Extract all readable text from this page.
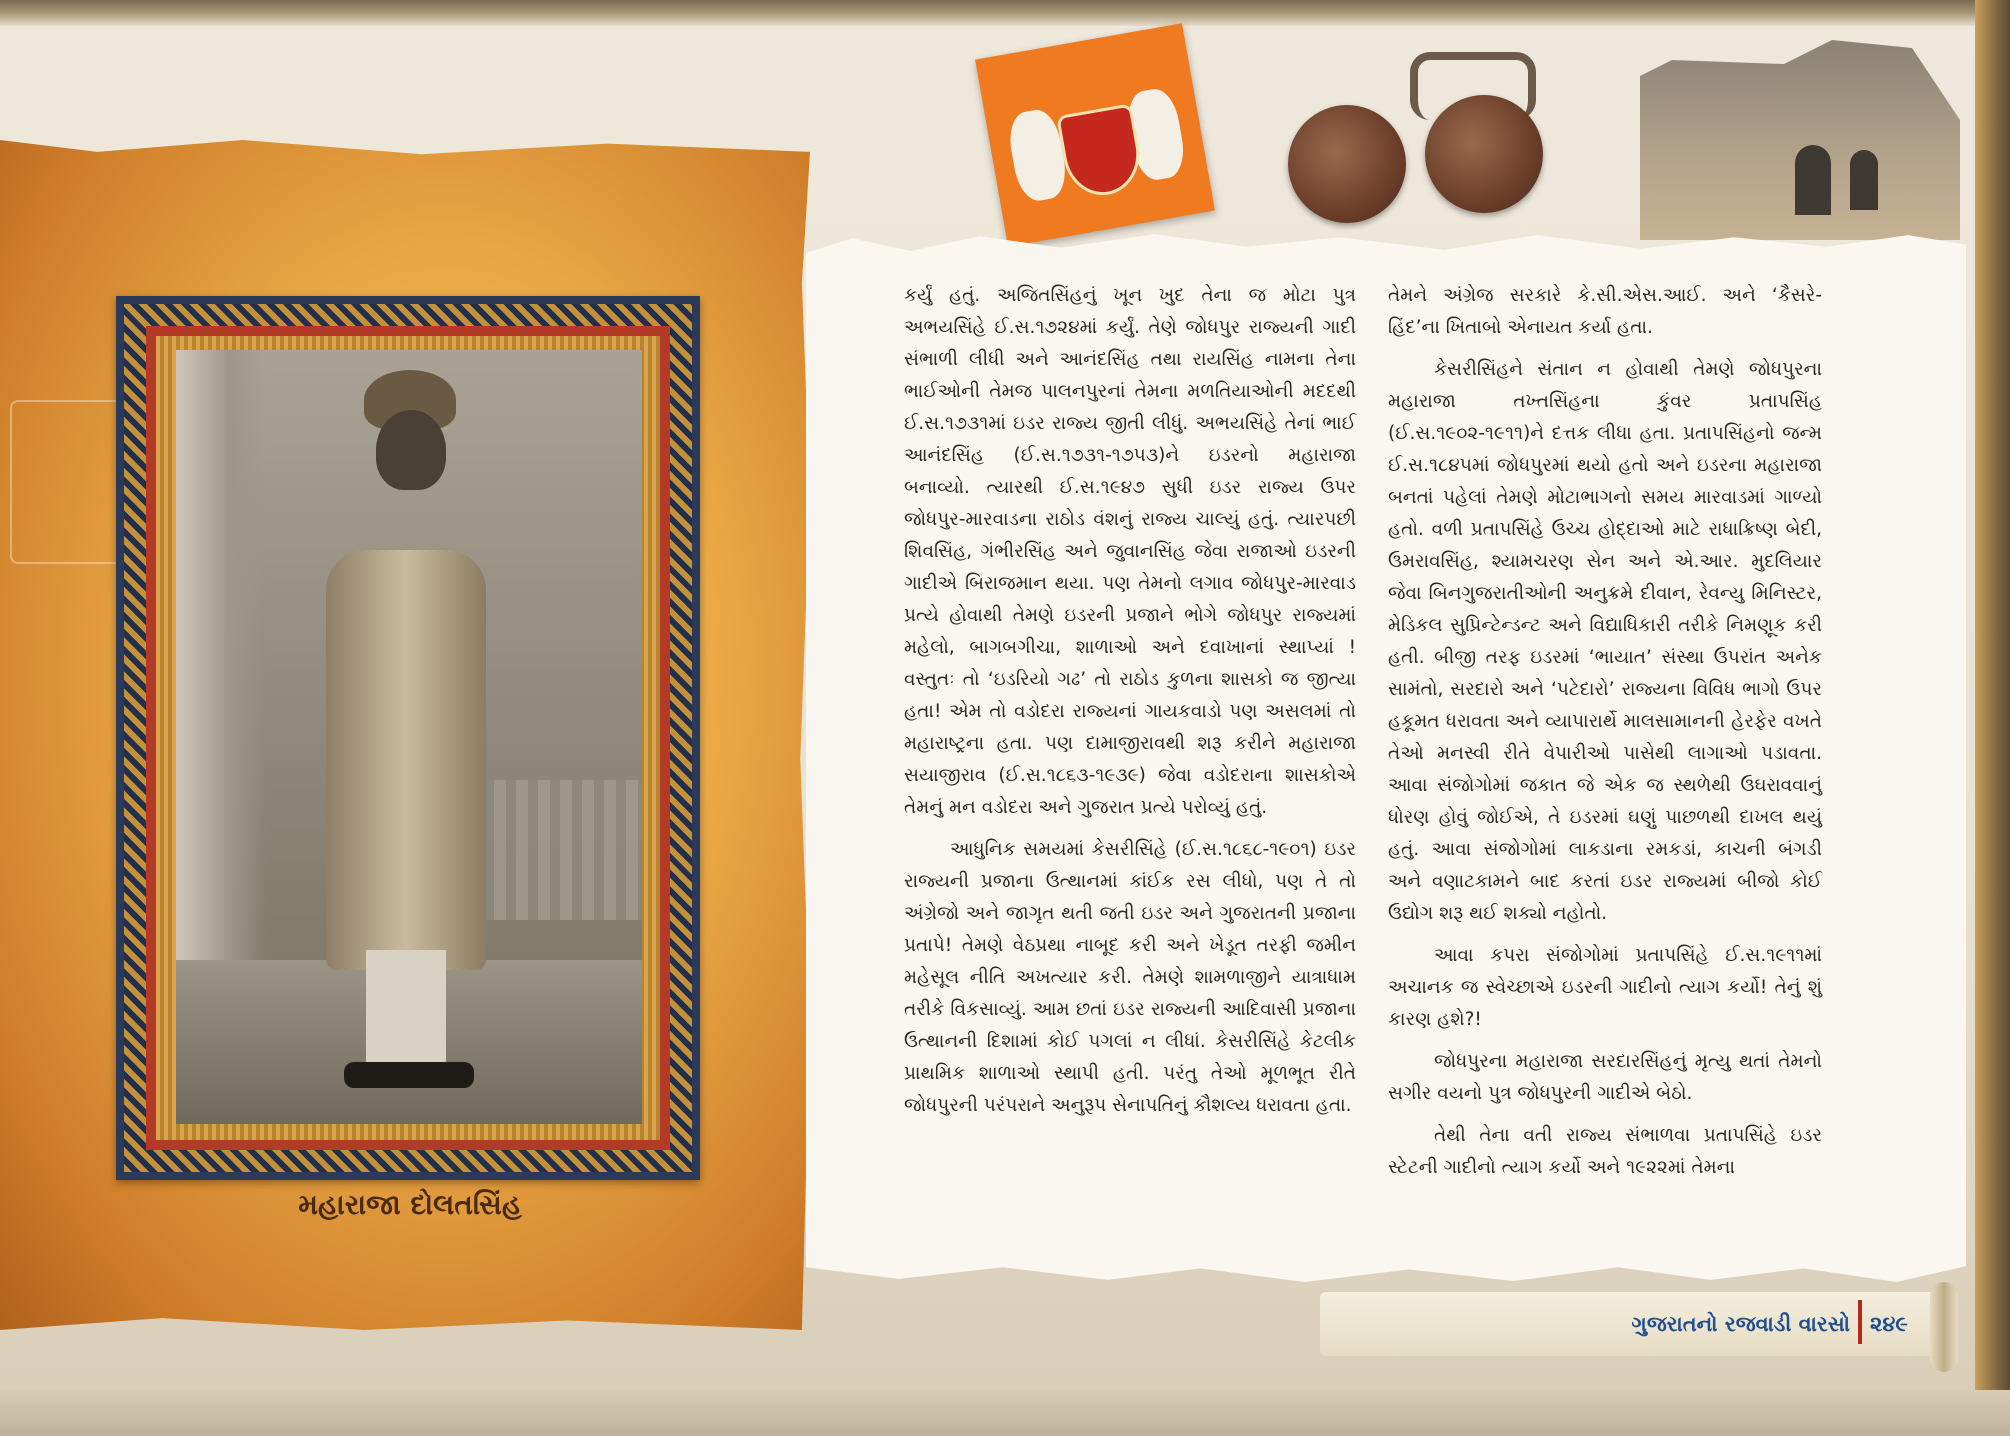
મહારાજા દોલતસિંહ

કર્યું હતું. અજિતસિંહનું ખૂન ખુદ તેના જ મોટા પુત્ર અભયસિંહે ઈ.સ.૧૭૨૪માં કર્યું. તેણે જોધપુર રાજ્યની ગાદી સંભાળી લીધી અને આનંદસિંહ તથા રાયસિંહ નામના તેના ભાઈઓની તેમજ પાલનપુરનાં તેમના મળતિયાઓની મદદથી ઈ.સ.૧૭૩૧માં ઇડર રાજ્ય જીતી લીધું. અભયસિંહે તેનાં ભાઈ આનંદસિંહ (ઈ.સ.૧૭૩૧-૧૭૫૩)ને ઇડરનો મહારાજા બનાવ્યો. ત્યારથી ઈ.સ.૧૯૪૭ સુધી ઇડર રાજ્ય ઉપર જોધપુર-મારવાડના રાઠોડ વંશનું રાજ્ય ચાલ્યું હતું. ત્યારપછી શિવસિંહ, ગંભીરસિંહ અને જુવાનસિંહ જેવા રાજાઓ ઇડરની ગાદીએ બિરાજમાન થયા. પણ તેમનો લગાવ જોધપુર-મારવાડ પ્રત્યે હોવાથી તેમણે ઇડરની પ્રજાને ભોગે જોધપુર રાજ્યમાં મહેલો, બાગબગીચા, શાળાઓ અને દવાખાનાં સ્થાપ્યાં ! વસ્તુતઃ તો ‘ઇડરિયો ગઢ’ તો રાઠોડ કુળના શાસકો જ જીત્યા હતા! એમ તો વડોદરા રાજ્યનાં ગાયકવાડો પણ અસલમાં તો મહારાષ્ટ્રના હતા. પણ દામાજીરાવથી શરૂ કરીને મહારાજા સયાજીરાવ (ઈ.સ.૧૮૬૩-૧૯૩૯) જેવા વડોદરાના શાસકોએ તેમનું મન વડોદરા અને ગુજરાત પ્રત્યે પરોવ્યું હતું.

આધુનિક સમયમાં કેસરીસિંહે (ઈ.સ.૧૮૬૮-૧૯૦૧) ઇડર રાજ્યની પ્રજાના ઉત્થાનમાં કાંઈક રસ લીધો, પણ તે તો અંગ્રેજો અને જાગૃત થતી જતી ઇડર અને ગુજરાતની પ્રજાના પ્રતાપે! તેમણે વેઠપ્રથા નાબૂદ કરી અને ખેડૂત તરફી જમીન મહેસૂલ નીતિ અખત્યાર કરી. તેમણે શામળાજીને યાત્રાધામ તરીકે વિકસાવ્યું. આમ છતાં ઇડર રાજ્યની આદિવાસી પ્રજાના ઉત્થાનની દિશામાં કોઈ પગલાં ન લીધાં. કેસરીસિંહે કેટલીક પ્રાથમિક શાળાઓ સ્થાપી હતી. પરંતુ તેઓ મૂળભૂત રીતે જોધપુરની પરંપરાને અનુરૂપ સેનાપતિનું કૌશલ્ય ધરાવતા હતા.

તેમને અંગ્રેજ સરકારે કે.સી.એસ.આઈ. અને ‘કૈસરે-હિંદ’ના ખિતાબો એનાયત કર્યા હતા.

કેસરીસિંહને સંતાન ન હોવાથી તેમણે જોધપુરના મહારાજા તખ્તસિંહના કુંવર પ્રતાપસિંહ (ઈ.સ.૧૯૦૨-૧૯૧૧)ને દત્તક લીધા હતા. પ્રતાપસિંહનો જન્મ ઈ.સ.૧૮૪૫માં જોધપુરમાં થયો હતો અને ઇડરના મહારાજા બનતાં પહેલાં તેમણે મોટાભાગનો સમય મારવાડમાં ગાળ્યો હતો. વળી પ્રતાપસિંહે ઉચ્ચ હોદ્દાઓ માટે રાધાક્રિષ્ણ બેદી, ઉમરાવસિંહ, શ્યામચરણ સેન અને એ.આર. મુદલિયાર જેવા બિનગુજરાતીઓની અનુક્રમે દીવાન, રેવન્યુ મિનિસ્ટર, મેડિકલ સુપ્રિન્ટેન્ડન્ટ અને વિદ્યાધિકારી તરીકે નિમણૂક કરી હતી. બીજી તરફ ઇડરમાં ‘ભાયાત’ સંસ્થા ઉપરાંત અનેક સામંતો, સરદારો અને ‘પટેદારો’ રાજ્યના વિવિધ ભાગો ઉપર હકૂમત ધરાવતા અને વ્યાપારાર્થે માલસામાનની હેરફેર વખતે તેઓ મનસ્વી રીતે વેપારીઓ પાસેથી લાગાઓ પડાવતા. આવા સંજોગોમાં જકાત જે એક જ સ્થળેથી ઉઘરાવવાનું ધોરણ હોવું જોઈએ, તે ઇડરમાં ઘણું પાછળથી દાખલ થયું હતું. આવા સંજોગોમાં લાકડાના રમકડાં, કાચની બંગડી અને વણાટકામને બાદ કરતાં ઇડર રાજ્યમાં બીજો કોઈ ઉદ્યોગ શરૂ થઈ શક્યો નહોતો.

આવા કપરા સંજોગોમાં પ્રતાપસિંહે ઈ.સ.૧૯૧૧માં અચાનક જ સ્વેચ્છાએ ઇડરની ગાદીનો ત્યાગ કર્યો! તેનું શું કારણ હશે?!

જોધપુરના મહારાજા સરદારસિંહનું મૃત્યુ થતાં તેમનો સગીર વયનો પુત્ર જોધપુરની ગાદીએ બેઠો.

તેથી તેના વતી રાજ્ય સંભાળવા પ્રતાપસિંહે ઇડર સ્ટેટની ગાદીનો ત્યાગ કર્યો અને ૧૯૨૨માં તેમના

ગુજરાતનો રજવાડી વારસો ૨૪૯
